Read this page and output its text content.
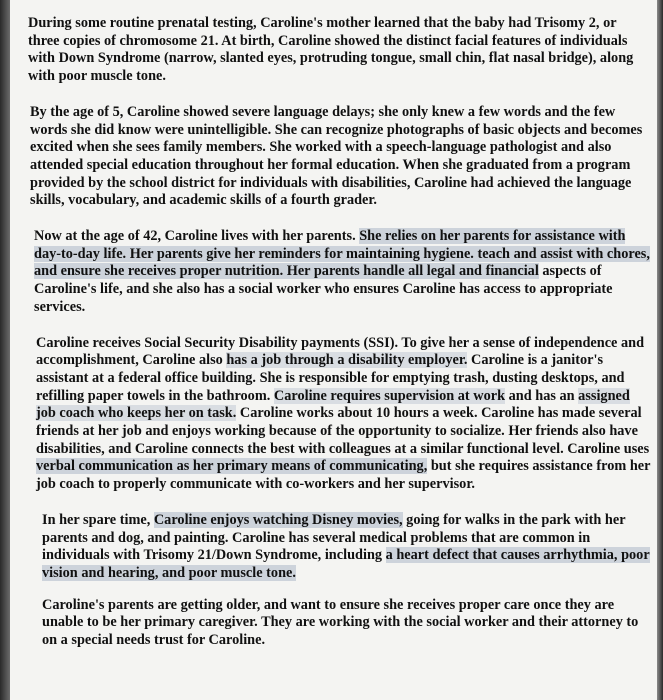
During some routine prenatal testing, Caroline's mother learned that the baby had Trisomy 2, or three copies of chromosome 21. At birth, Caroline showed the distinct facial features of individuals with Down Syndrome (narrow, slanted eyes, protruding tongue, small chin, flat nasal bridge), along with poor muscle tone.

By the age of 5, Caroline showed severe language delays; she only knew a few words and the few words she did know were unintelligible. She can recognize photographs of basic objects and becomes excited when she sees family members. She worked with a speech-language pathologist and also attended special education throughout her formal education. When she graduated from a program provided by the school district for individuals with disabilities, Caroline had achieved the language skills, vocabulary, and academic skills of a fourth grader.

Now at the age of 42, Caroline lives with her parents. She relies on her parents for assistance with day-to-day life. Her parents give her reminders for maintaining hygiene. teach and assist with chores, and ensure she receives proper nutrition. Her parents handle all legal and financial aspects of Caroline's life, and she also has a social worker who ensures Caroline has access to appropriate services.

Caroline receives Social Security Disability payments (SSI). To give her a sense of independence and accomplishment, Caroline also has a job through a disability employer. Caroline is a janitor's assistant at a federal office building. She is responsible for emptying trash, dusting desktops, and refilling paper towels in the bathroom. Caroline requires supervision at work and has an assigned job coach who keeps her on task. Caroline works about 10 hours a week. Caroline has made several friends at her job and enjoys working because of the opportunity to socialize. Her friends also have disabilities, and Caroline connects the best with colleagues at a similar functional level. Caroline uses verbal communication as her primary means of communicating, but she requires assistance from her job coach to properly communicate with co-workers and her supervisor.

In her spare time, Caroline enjoys watching Disney movies, going for walks in the park with her parents and dog, and painting. Caroline has several medical problems that are common in individuals with Trisomy 21/Down Syndrome, including a heart defect that causes arrhythmia, poor vision and hearing, and poor muscle tone.

Caroline's parents are getting older, and want to ensure she receives proper care once they are unable to be her primary caregiver. They are working with the social worker and their attorney to on a special needs trust for Caroline.
